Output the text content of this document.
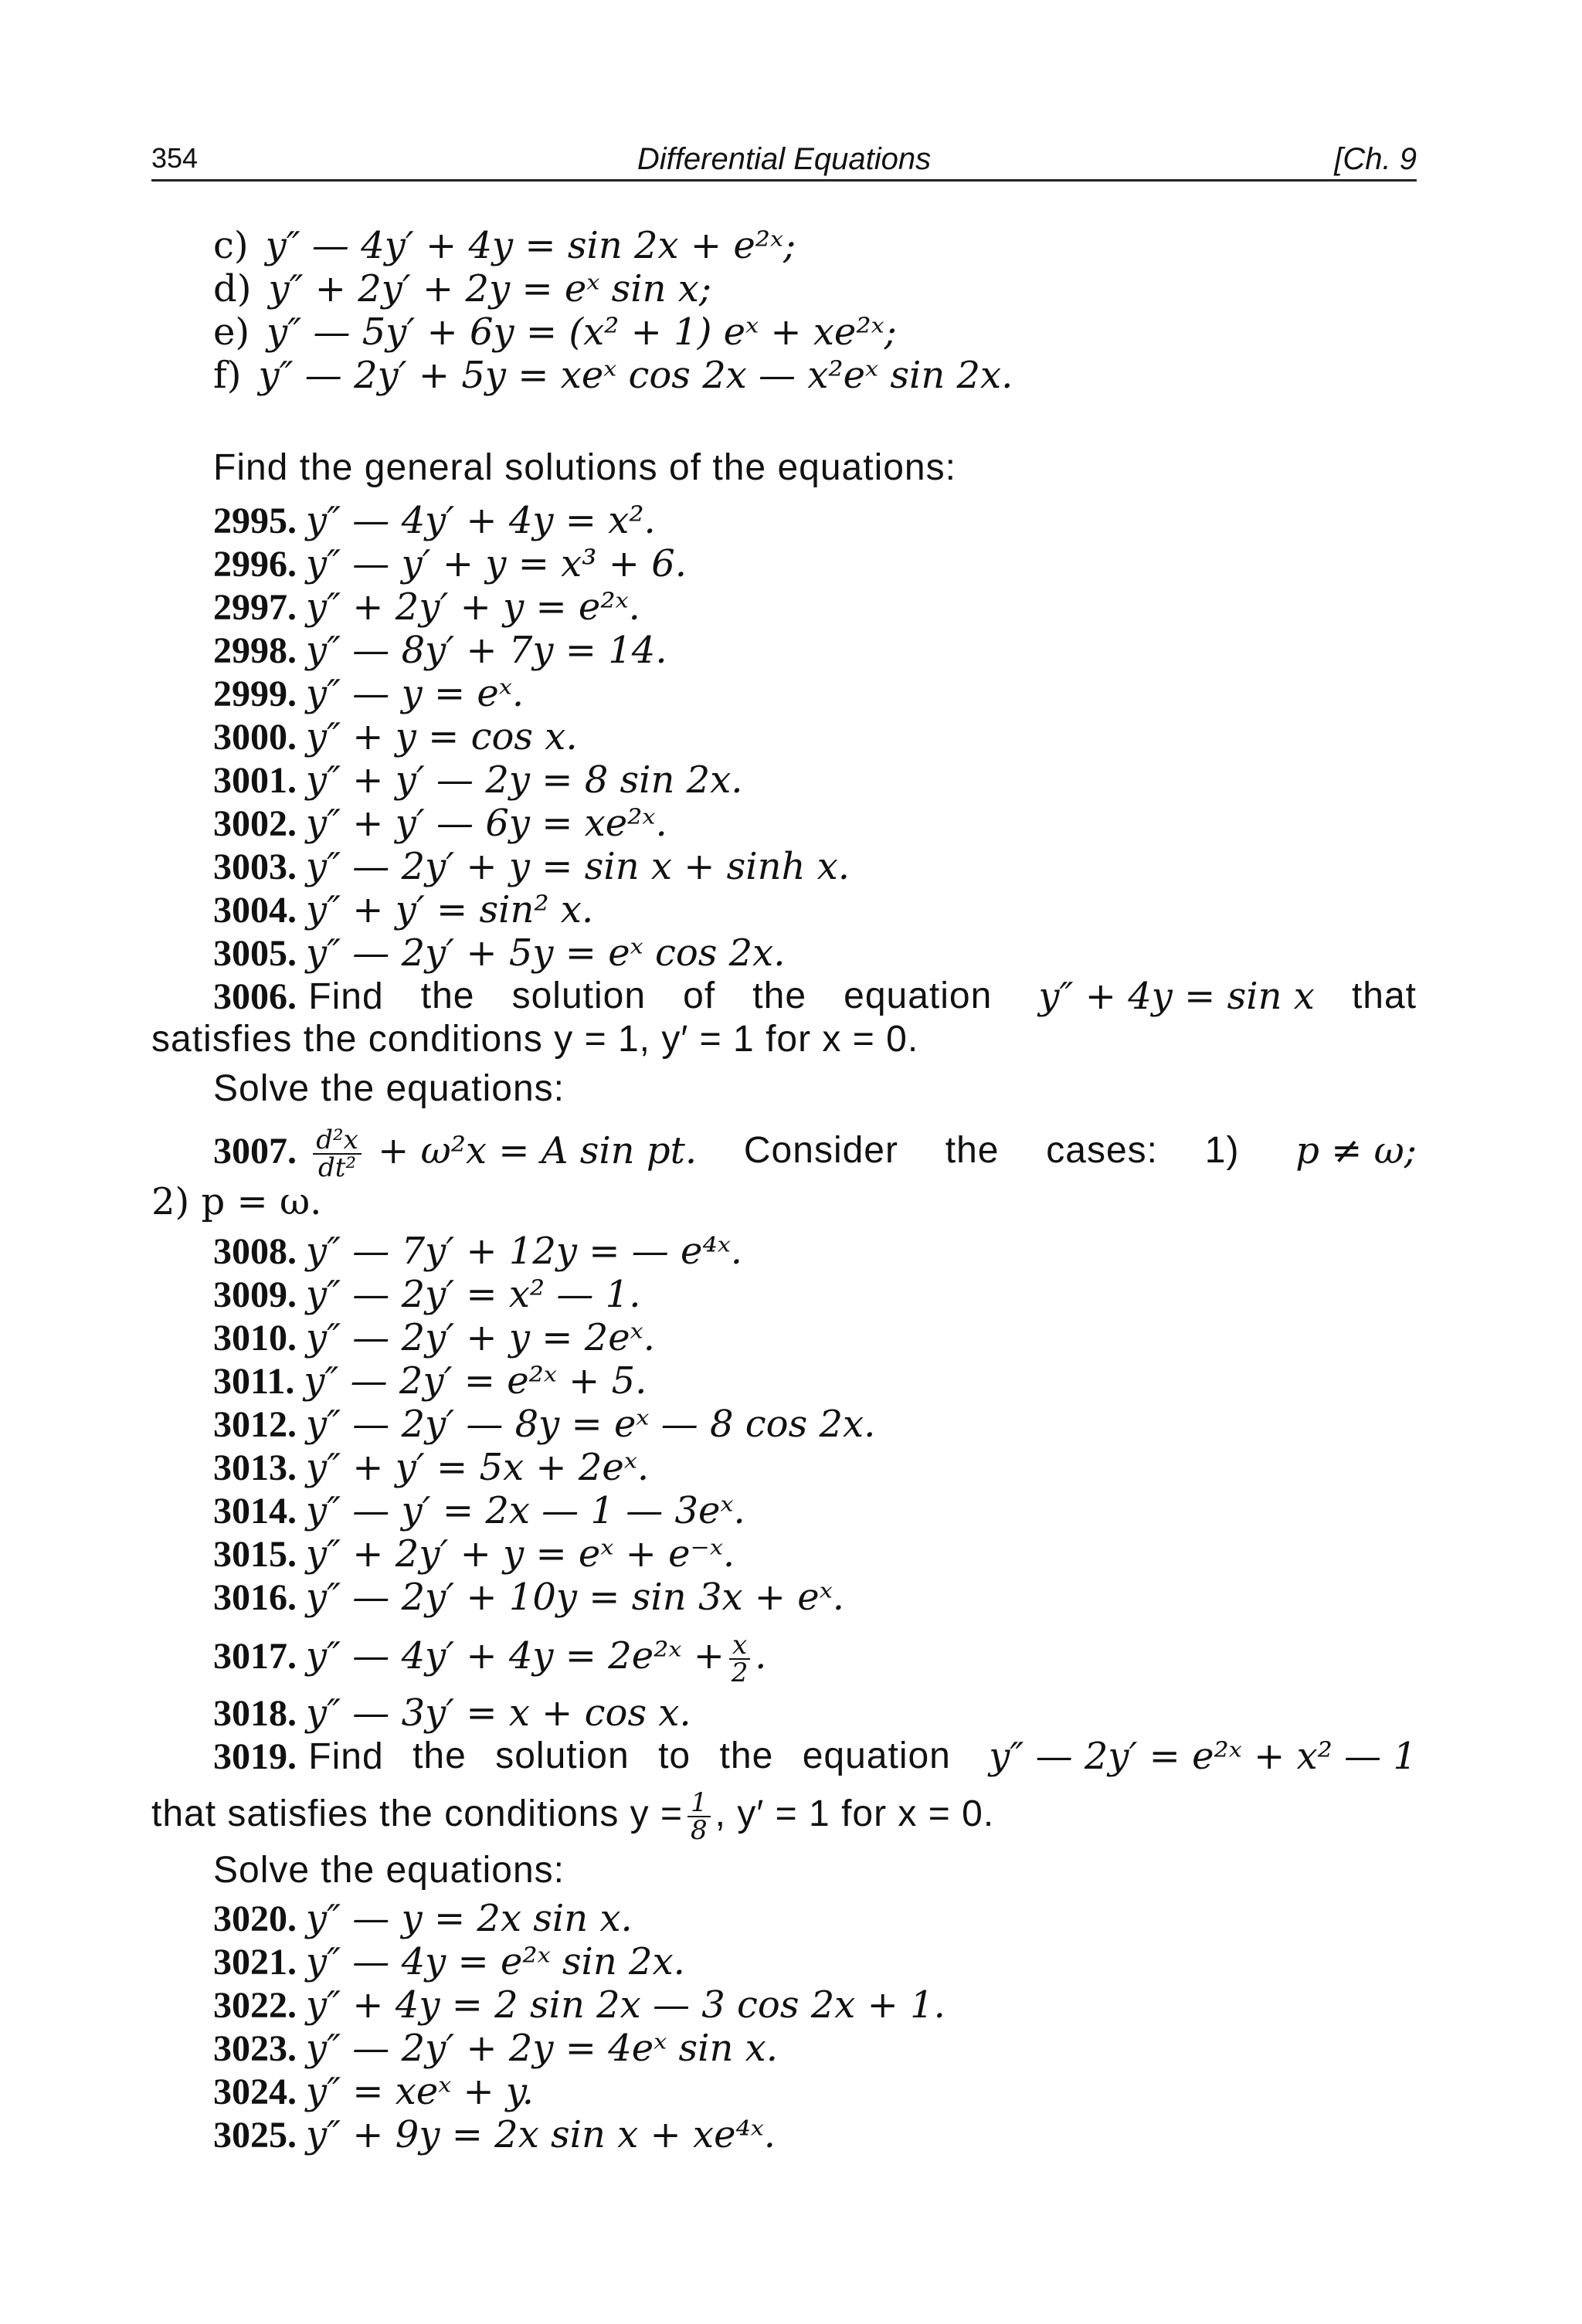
354	Differential Equations	[Ch. 9
c) y″ — 4y′ + 4y = sin 2x + e²ˣ;
d) y″ + 2y′ + 2y = eˣ sin x;
e) y″ — 5y′ + 6y = (x² + 1) eˣ + xe²ˣ;
f) y″ — 2y′ + 5y = xeˣ cos 2x — x²eˣ sin 2x.
Find the general solutions of the equations:
2995. y″ — 4y′ + 4y = x².
2996. y″ — y′ + y = x³ + 6.
2997. y″ + 2y′ + y = e²ˣ.
2998. y″ — 8y′ + 7y = 14.
2999. y″ — y = eˣ.
3000. y″ + y = cos x.
3001. y″ + y′ — 2y = 8 sin 2x.
3002. y″ + y′ — 6y = xe²ˣ.
3003. y″ — 2y′ + y = sin x + sinh x.
3004. y″ + y′ = sin² x.
3005. y″ — 2y′ + 5y = eˣ cos 2x.
3006. Find the solution of the equation y″ + 4y = sin x that
satisfies the conditions y = 1, y′ = 1 for x = 0.
Solve the equations:
3007. $\frac{\text{d²x}}{\text{dt²}} + \omega^2x = A$ sin pt. Consider the cases: 1) p ≠ ω;
2) p = ω.
3008. y″ — 7y′ + 12y = — e⁴ˣ.
3009. y″ — 2y′ = x² — 1.
3010. y″ — 2y′ + y = 2eˣ.
3011. y″ — 2y′ = e²ˣ + 5.
3012. y″ — 2y′ — 8y = eˣ — 8 cos 2x.
3013. y″ + y′ = 5x + 2eˣ.
3014. y″ — y′ = 2x — 1 — 3eˣ.
3015. y″ + 2y′ + y = eˣ + e⁻ˣ.
3016. y″ — 2y′ + 10y = sin 3x + eˣ.
3017. y″ — 4y′ + 4y = 2e²ˣ + $\frac{x}{2}$ .
3018. y″ — 3y′ = x + cos x.
3019. Find the solution to the equation y″ — 2y′ = e²ˣ + x² — 1
that satisfies the conditions $y = \frac{1}{8}$ , y′ = 1 for x = 0.
Solve the equations:
3020. y″ — y = 2x sin x.
3021. y″ — 4y = e²ˣ sin 2x.
3022. y″ + 4y = 2 sin 2x — 3 cos 2x + 1.
3023. y″ — 2y′ + 2y = 4eˣ sin x.
3024. y″ = xeˣ + y.
3025. y″ + 9y = 2x sin x + xe⁴ˣ.
